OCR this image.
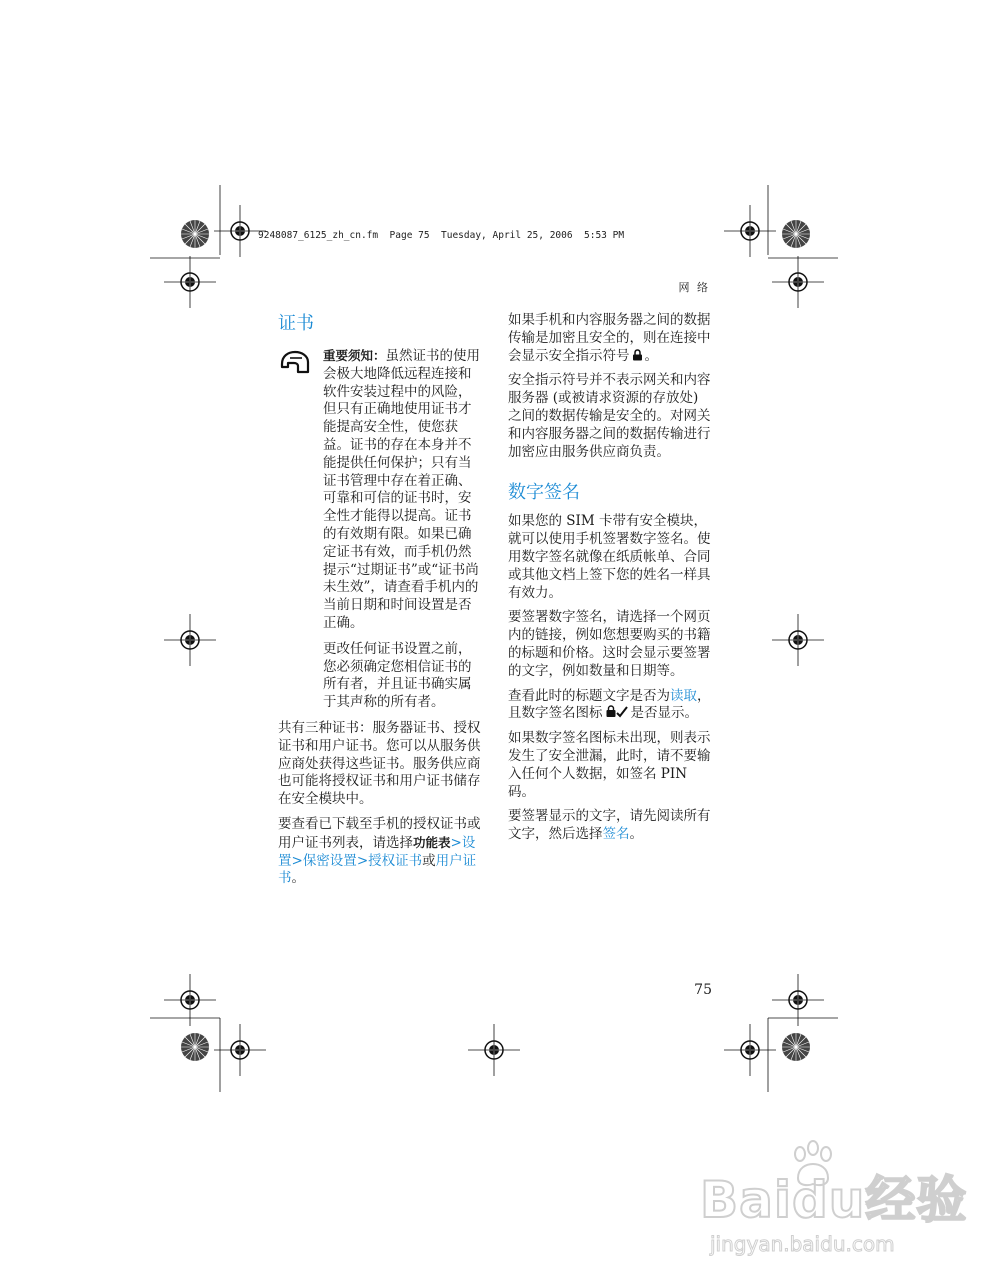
9248087_6125_zh_cn.fm  Page 75  Tuesday, April 25, 2006  5:53 PM
网 络
证书

重要须知：虽然证书的使用会极大地降低远程连接和软件安装过程中的风险，但只有正确地使用证书才能提高安全性，使您获益。证书的存在本身并不能提供任何保护；只有当证书管理中存在着正确、可靠和可信的证书时，安全性才能得以提高。证书的有效期有限。如果已确定证书有效，而手机仍然提示“过期证书”或“证书尚未生效”，请查看手机内的当前日期和时间设置是否正确。

更改任何证书设置之前，您必须确定您相信证书的所有者，并且证书确实属于其声称的所有者。

共有三种证书：服务器证书、授权证书和用户证书。您可以从服务供应商处获得这些证书。服务供应商也可能将授权证书和用户证书储存在安全模块中。

要查看已下载至手机的授权证书或用户证书列表，请选择功能表>设置>保密设置>授权证书或用户证书。

如果手机和内容服务器之间的数据传输是加密且安全的，则在连接中会显示安全指示符号 。

安全指示符号并不表示网关和内容服务器 (或被请求资源的存放处) 之间的数据传输是安全的。对网关和内容服务器之间的数据传输进行加密应由服务供应商负责。

数字签名

如果您的 SIM 卡带有安全模块，就可以使用手机签署数字签名。使用数字签名就像在纸质帐单、合同或其他文档上签下您的姓名一样具有效力。

要签署数字签名，请选择一个网页内的链接，例如您想要购买的书籍的标题和价格。这时会显示要签署的文字，例如数量和日期等。

查看此时的标题文字是否为读取，且数字签名图标 是否显示。

如果数字签名图标未出现，则表示发生了安全泄漏，此时，请不要输入任何个人数据，如签名 PIN 码。

要签署显示的文字，请先阅读所有文字，然后选择签名。

75
Baidu经验
jingyan.baidu.com
